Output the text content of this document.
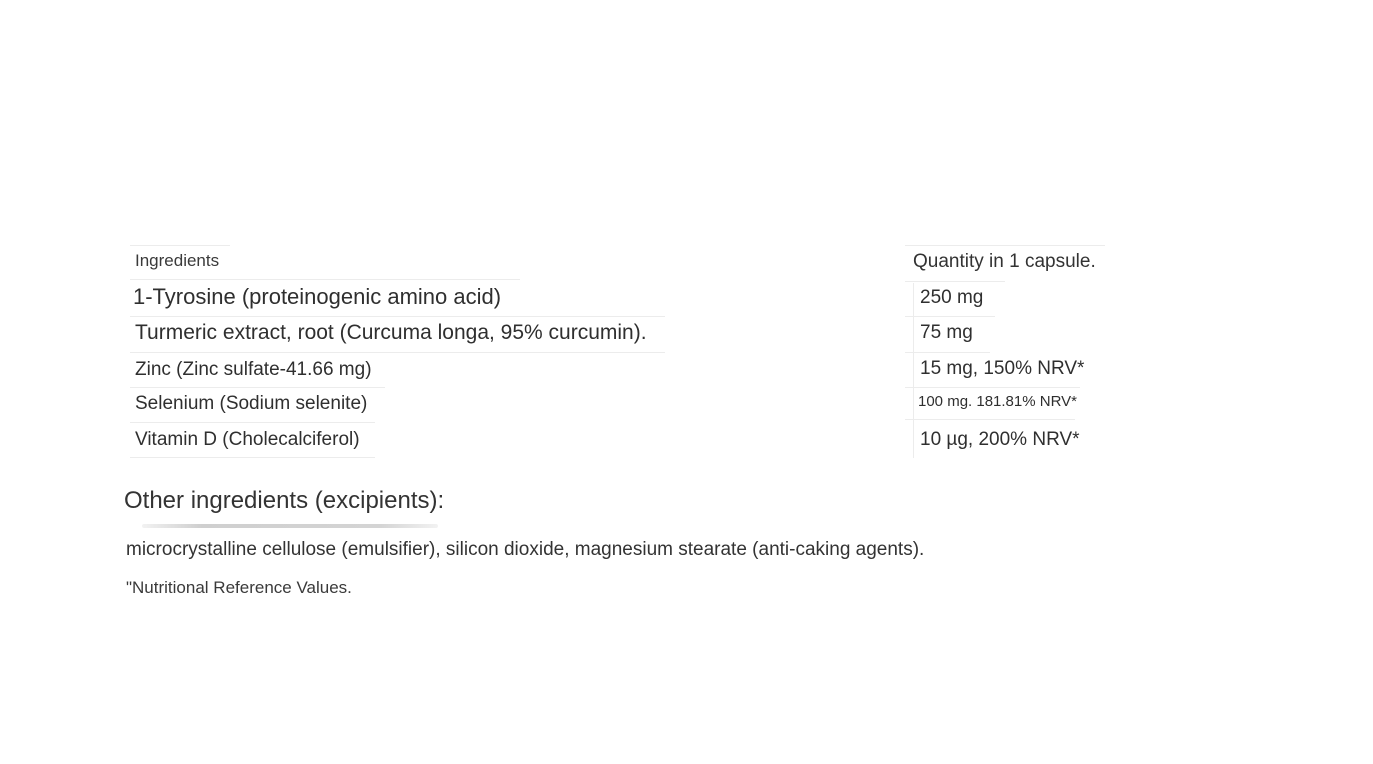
Ingredients	Quantity in 1 capsule.
1-Tyrosine (proteinogenic amino acid)
Turmeric extract, root (Curcuma longa, 95% curcumin).
Zinc (Zinc sulfate-41.66 mg)
Selenium (Sodium selenite)
Vitamin D (Cholecalciferol)
250 mg
75 mg
15 mg, 150% NRV*
100 mg. 181.81% NRV*
10 µg, 200% NRV*
Other ingredients (excipients):
microcrystalline cellulose (emulsifier), silicon dioxide, magnesium stearate (anti-caking agents).
"Nutritional Reference Values.
